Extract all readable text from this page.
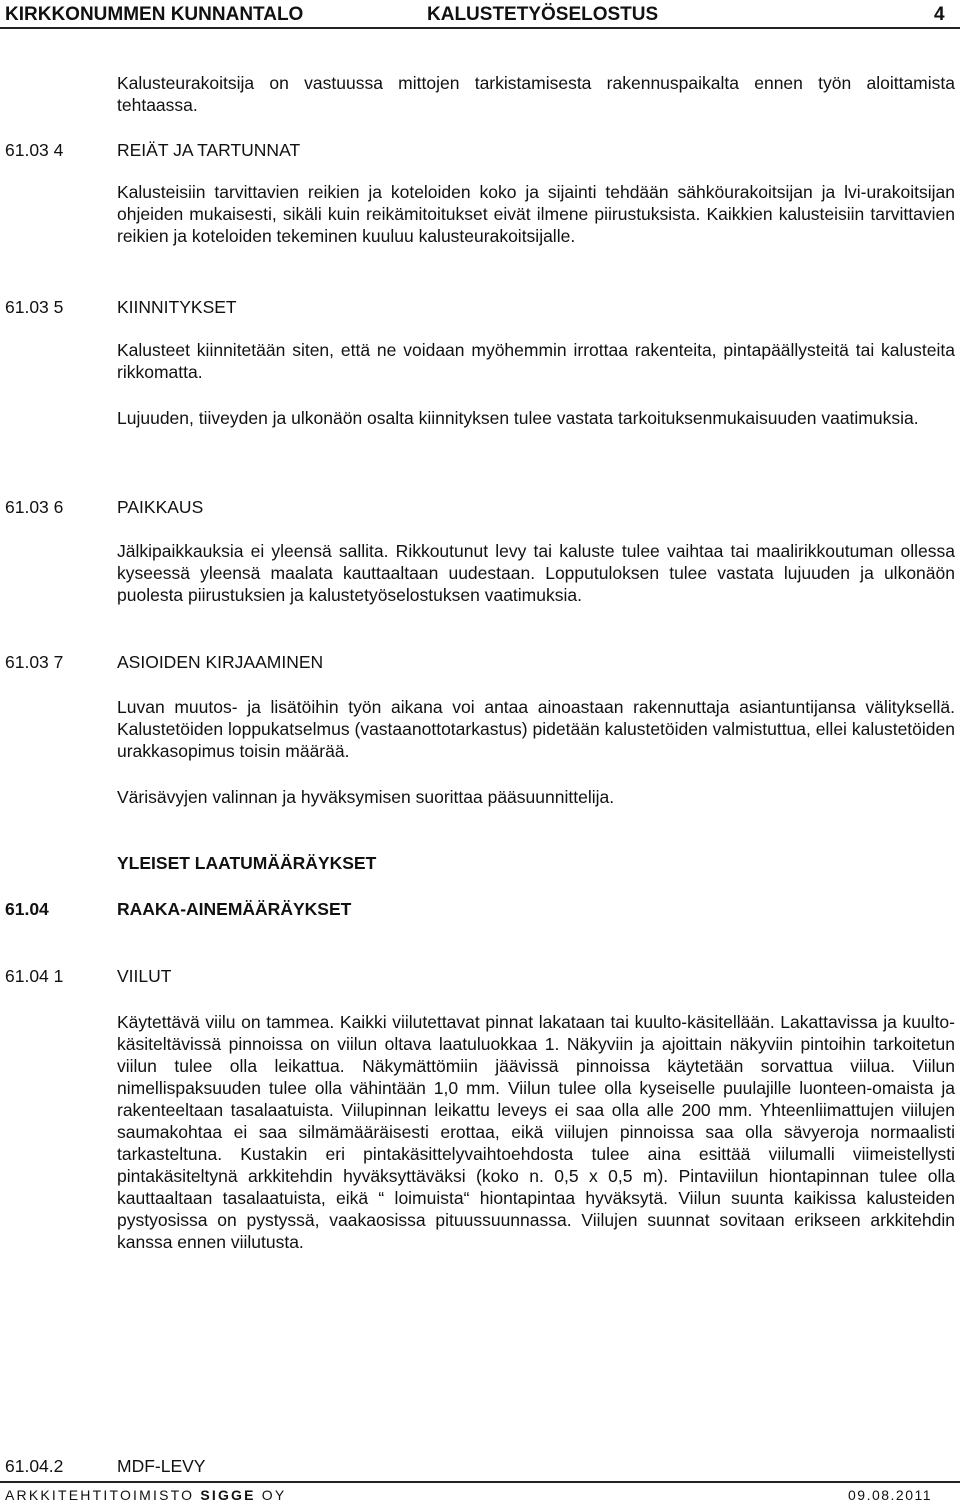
KIRKKONUMMEN KUNNANTALO	KALUSTETYÖSELOSTUS	4

Kalusteurakoitsija on vastuussa mittojen tarkistamisesta rakennuspaikalta ennen työn aloittamista tehtaassa.

61.03 4	REIÄT JA TARTUNNAT

Kalusteisiin tarvittavien reikien ja koteloiden koko ja sijainti tehdään sähköurakoitsijan ja lvi-urakoitsijan ohjeiden mukaisesti, sikäli kuin reikämitoitukset eivät ilmene piirustuksista. Kaikkien kalusteisiin tarvittavien reikien ja koteloiden tekeminen kuuluu kalusteurakoitsijalle.

61.03 5	KIINNITYKSET

Kalusteet kiinnitetään siten, että ne voidaan myöhemmin irrottaa rakenteita, pintapäällysteitä tai kalusteita rikkomatta.

Lujuuden, tiiveyden ja ulkonäön osalta kiinnityksen tulee vastata tarkoituksenmukaisuuden vaatimuksia.

61.03 6	PAIKKAUS

Jälkipaikkauksia ei yleensä sallita. Rikkoutunut levy tai kaluste tulee vaihtaa tai maalirikkoutuman ollessa kyseessä yleensä maalata kauttaaltaan uudestaan. Lopputuloksen tulee vastata lujuuden ja ulkonäön puolesta piirustuksien ja kalustetyöselostuksen vaatimuksia.

61.03 7	ASIOIDEN KIRJAAMINEN

Luvan muutos- ja lisätöihin työn aikana voi antaa ainoastaan rakennuttaja asiantuntijansa välityksellä. Kalustetöiden loppukatselmus (vastaanottotarkastus) pidetään kalustetöiden valmistuttua, ellei kalustetöiden urakkasopimus toisin määrää.

Värisävyjen valinnan ja hyväksymisen suorittaa pääsuunnittelija.

YLEISET LAATUMÄÄRÄYKSET
61.04	RAAKA-AINEMÄÄRÄYKSET
61.04 1	VIILUT

Käytettävä viilu on tammea. Kaikki viilutettavat pinnat lakataan tai kuulto-käsitellään. Lakattavissa ja kuulto-käsiteltävissä pinnoissa on viilun oltava laatuluokkaa 1. Näkyviin ja ajoittain näkyviin pintoihin tarkoitetun viilun tulee olla leikattua. Näkymättömiin jäävissä pinnoissa käytetään sorvattua viilua. Viilun nimellispaksuuden tulee olla vähintään 1,0 mm. Viilun tulee olla kyseiselle puulajille luonteen-omaista ja rakenteeltaan tasalaatuista. Viilupinnan leikattu leveys ei saa olla alle 200 mm. Yhteenliimattujen viilujen saumakohtaa ei saa silmämääräisesti erottaa, eikä viilujen pinnoissa saa olla sävyeroja normaalisti tarkasteltuna. Kustakin eri pintakäsittelyvaihtoehdosta tulee aina esittää viilumalli viimeistellysti pintakäsiteltynä arkkitehdin hyväksyttäväksi (koko n. 0,5 x 0,5 m). Pintaviilun hiontapinnan tulee olla kauttaaltaan tasalaatuista, eikä “ loimuista“ hiontapintaa hyväksytä. Viilun suunta kaikissa kalusteiden pystyosissa on pystyssä, vaakaosissa pituussuunnassa. Viilujen suunnat sovitaan erikseen arkkitehdin kanssa ennen viilutusta.

61.04.2	MDF-LEVY
ARKKITEHTITOIMISTO SIGGE OY	09.08.2011
